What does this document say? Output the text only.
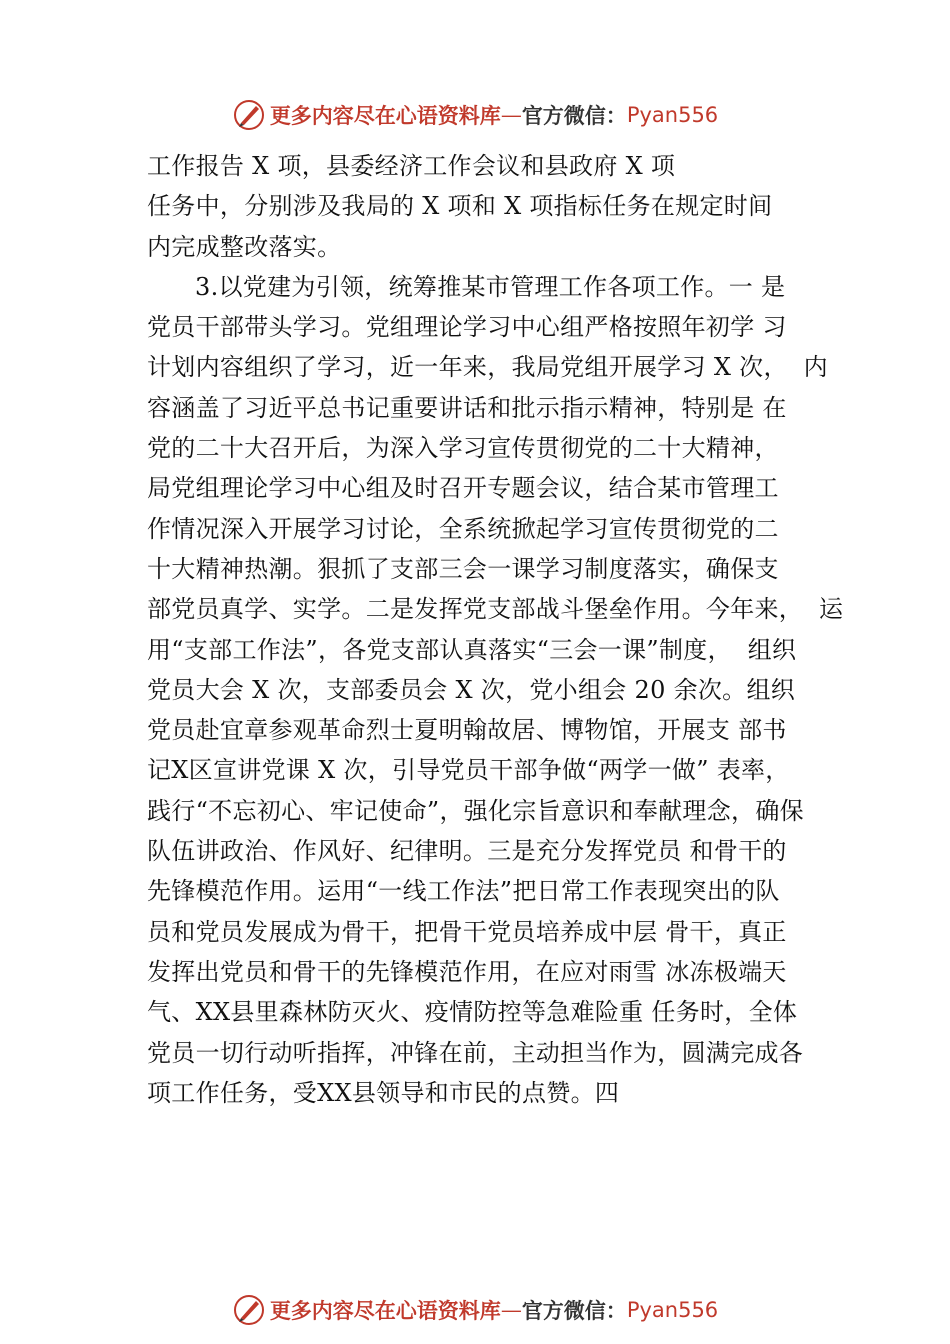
更多内容尽在心语资料库 — 官方微信： Pyan556
工作报告 X 项，县委经济工作会议和县政府 X 项
任务中，分别涉及我局的 X 项和 X 项指标任务在规定时间
内完成整改落实。
3.以党建为引领，统筹推某市管理工作各项工作。一 是
党员干部带头学习。党组理论学习中心组严格按照年初学 习
计划内容组织了学习，近一年来，我局党组开展学习 X 次，  内
容涵盖了习近平总书记重要讲话和批示指示精神，特别是 在
党的二十大召开后，为深入学习宣传贯彻党的二十大精神，
局党组理论学习中心组及时召开专题会议，结合某市管理工
作情况深入开展学习讨论，全系统掀起学习宣传贯彻党的二
十大精神热潮。狠抓了支部三会一课学习制度落实，确保支
部党员真学、实学。二是发挥党支部战斗堡垒作用。今年来，  运
用“支部工作法”，各党支部认真落实“三会一课”制度，  组织
党员大会 X 次，支部委员会 X 次，党小组会 20 余次。组织
党员赴宜章参观革命烈士夏明翰故居、博物馆，开展支 部书
记X区宣讲党课 X 次，引导党员干部争做“两学一做” 表率，
践行“不忘初心、牢记使命”，强化宗旨意识和奉献理念，确保
队伍讲政治、作风好、纪律明。三是充分发挥党员 和骨干的
先锋模范作用。运用“一线工作法”把日常工作表现突出的队
员和党员发展成为骨干，把骨干党员培养成中层 骨干，真正
发挥出党员和骨干的先锋模范作用，在应对雨雪 冰冻极端天
气、XX县里森林防灭火、疫情防控等急难险重 任务时，全体
党员一切行动听指挥，冲锋在前，主动担当作为，圆满完成各
项工作任务，受XX县领导和市民的点赞。四
更多内容尽在心语资料库 — 官方微信： Pyan556
